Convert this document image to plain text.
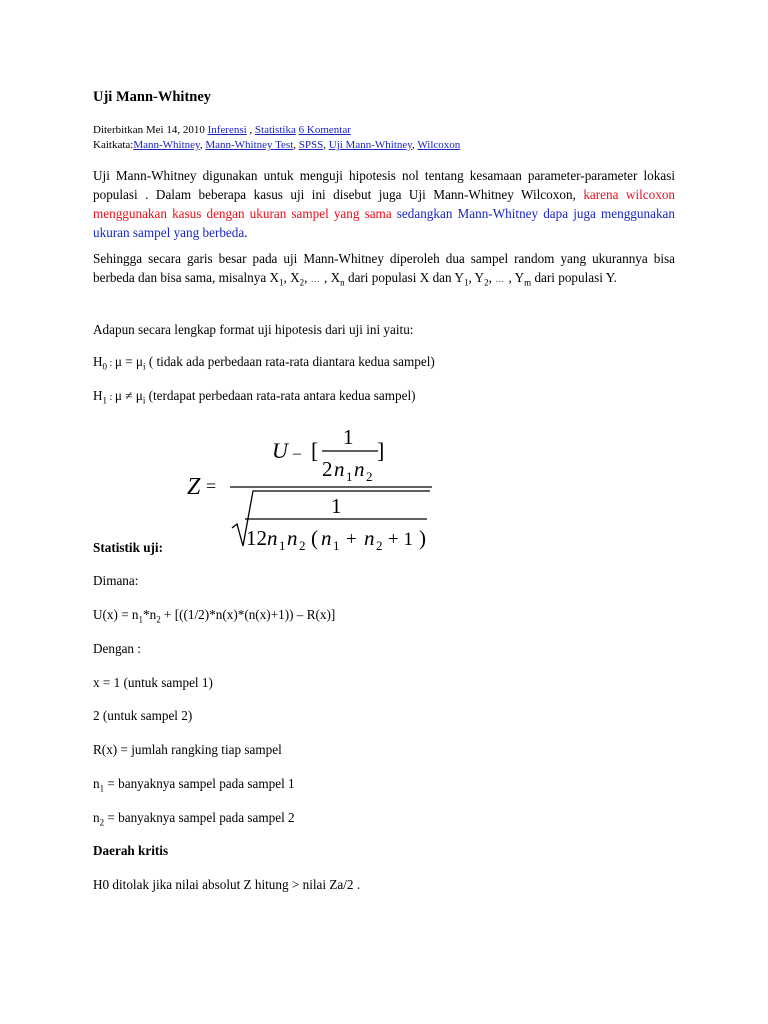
Uji Mann-Whitney
Diterbitkan Mei 14, 2010 Inferensi , Statistika 6 Komentar
Kaitkata:Mann-Whitney, Mann-Whitney Test, SPSS, Uji Mann-Whitney, Wilcoxon
Uji Mann-Whitney digunakan untuk menguji hipotesis nol tentang kesamaan parameter-parameter lokasi populasi . Dalam beberapa kasus uji ini disebut juga Uji Mann-Whitney Wilcoxon, karena wilcoxon menggunakan kasus dengan ukuran sampel yang sama sedangkan Mann-Whitney dapa juga menggunakan ukuran sampel yang berbeda.
Sehingga secara garis besar pada uji Mann-Whitney diperoleh dua sampel random yang ukurannya bisa berbeda dan bisa sama, misalnya $X_1$, $X_2$, … , $X_n$ dari populasi X dan $Y_1$, $Y_2$, … , $Y_m$ dari populasi Y.
Adapun secara lengkap format uji hipotesis dari uji ini yaitu:
$H_0$ : $\mu = \mu_i$ ( tidak ada perbedaan rata-rata diantara kedua sampel)
$H_1$ : $\mu \ne \mu_i$ (terdapat perbedaan rata-rata antara kedua sampel)
Z =
U – [
1
2 n 1 n 2
]
1
12 n 1 n 2 ( n 1 + n 2 + 1 )
Statistik uji:
Dimana:
$U(x) = n_1*n_2 + [((1/2)*n(x)*(n(x)+1)) - R(x)]$
Dengan :
x = 1 (untuk sampel 1)
2 (untuk sampel 2)
R(x) = jumlah rangking tiap sampel
$n_1$ = banyaknya sampel pada sampel 1
$n_2$ = banyaknya sampel pada sampel 2
Daerah kritis
H0 ditolak jika nilai absolut Z hitung > nilai Za/2 .
